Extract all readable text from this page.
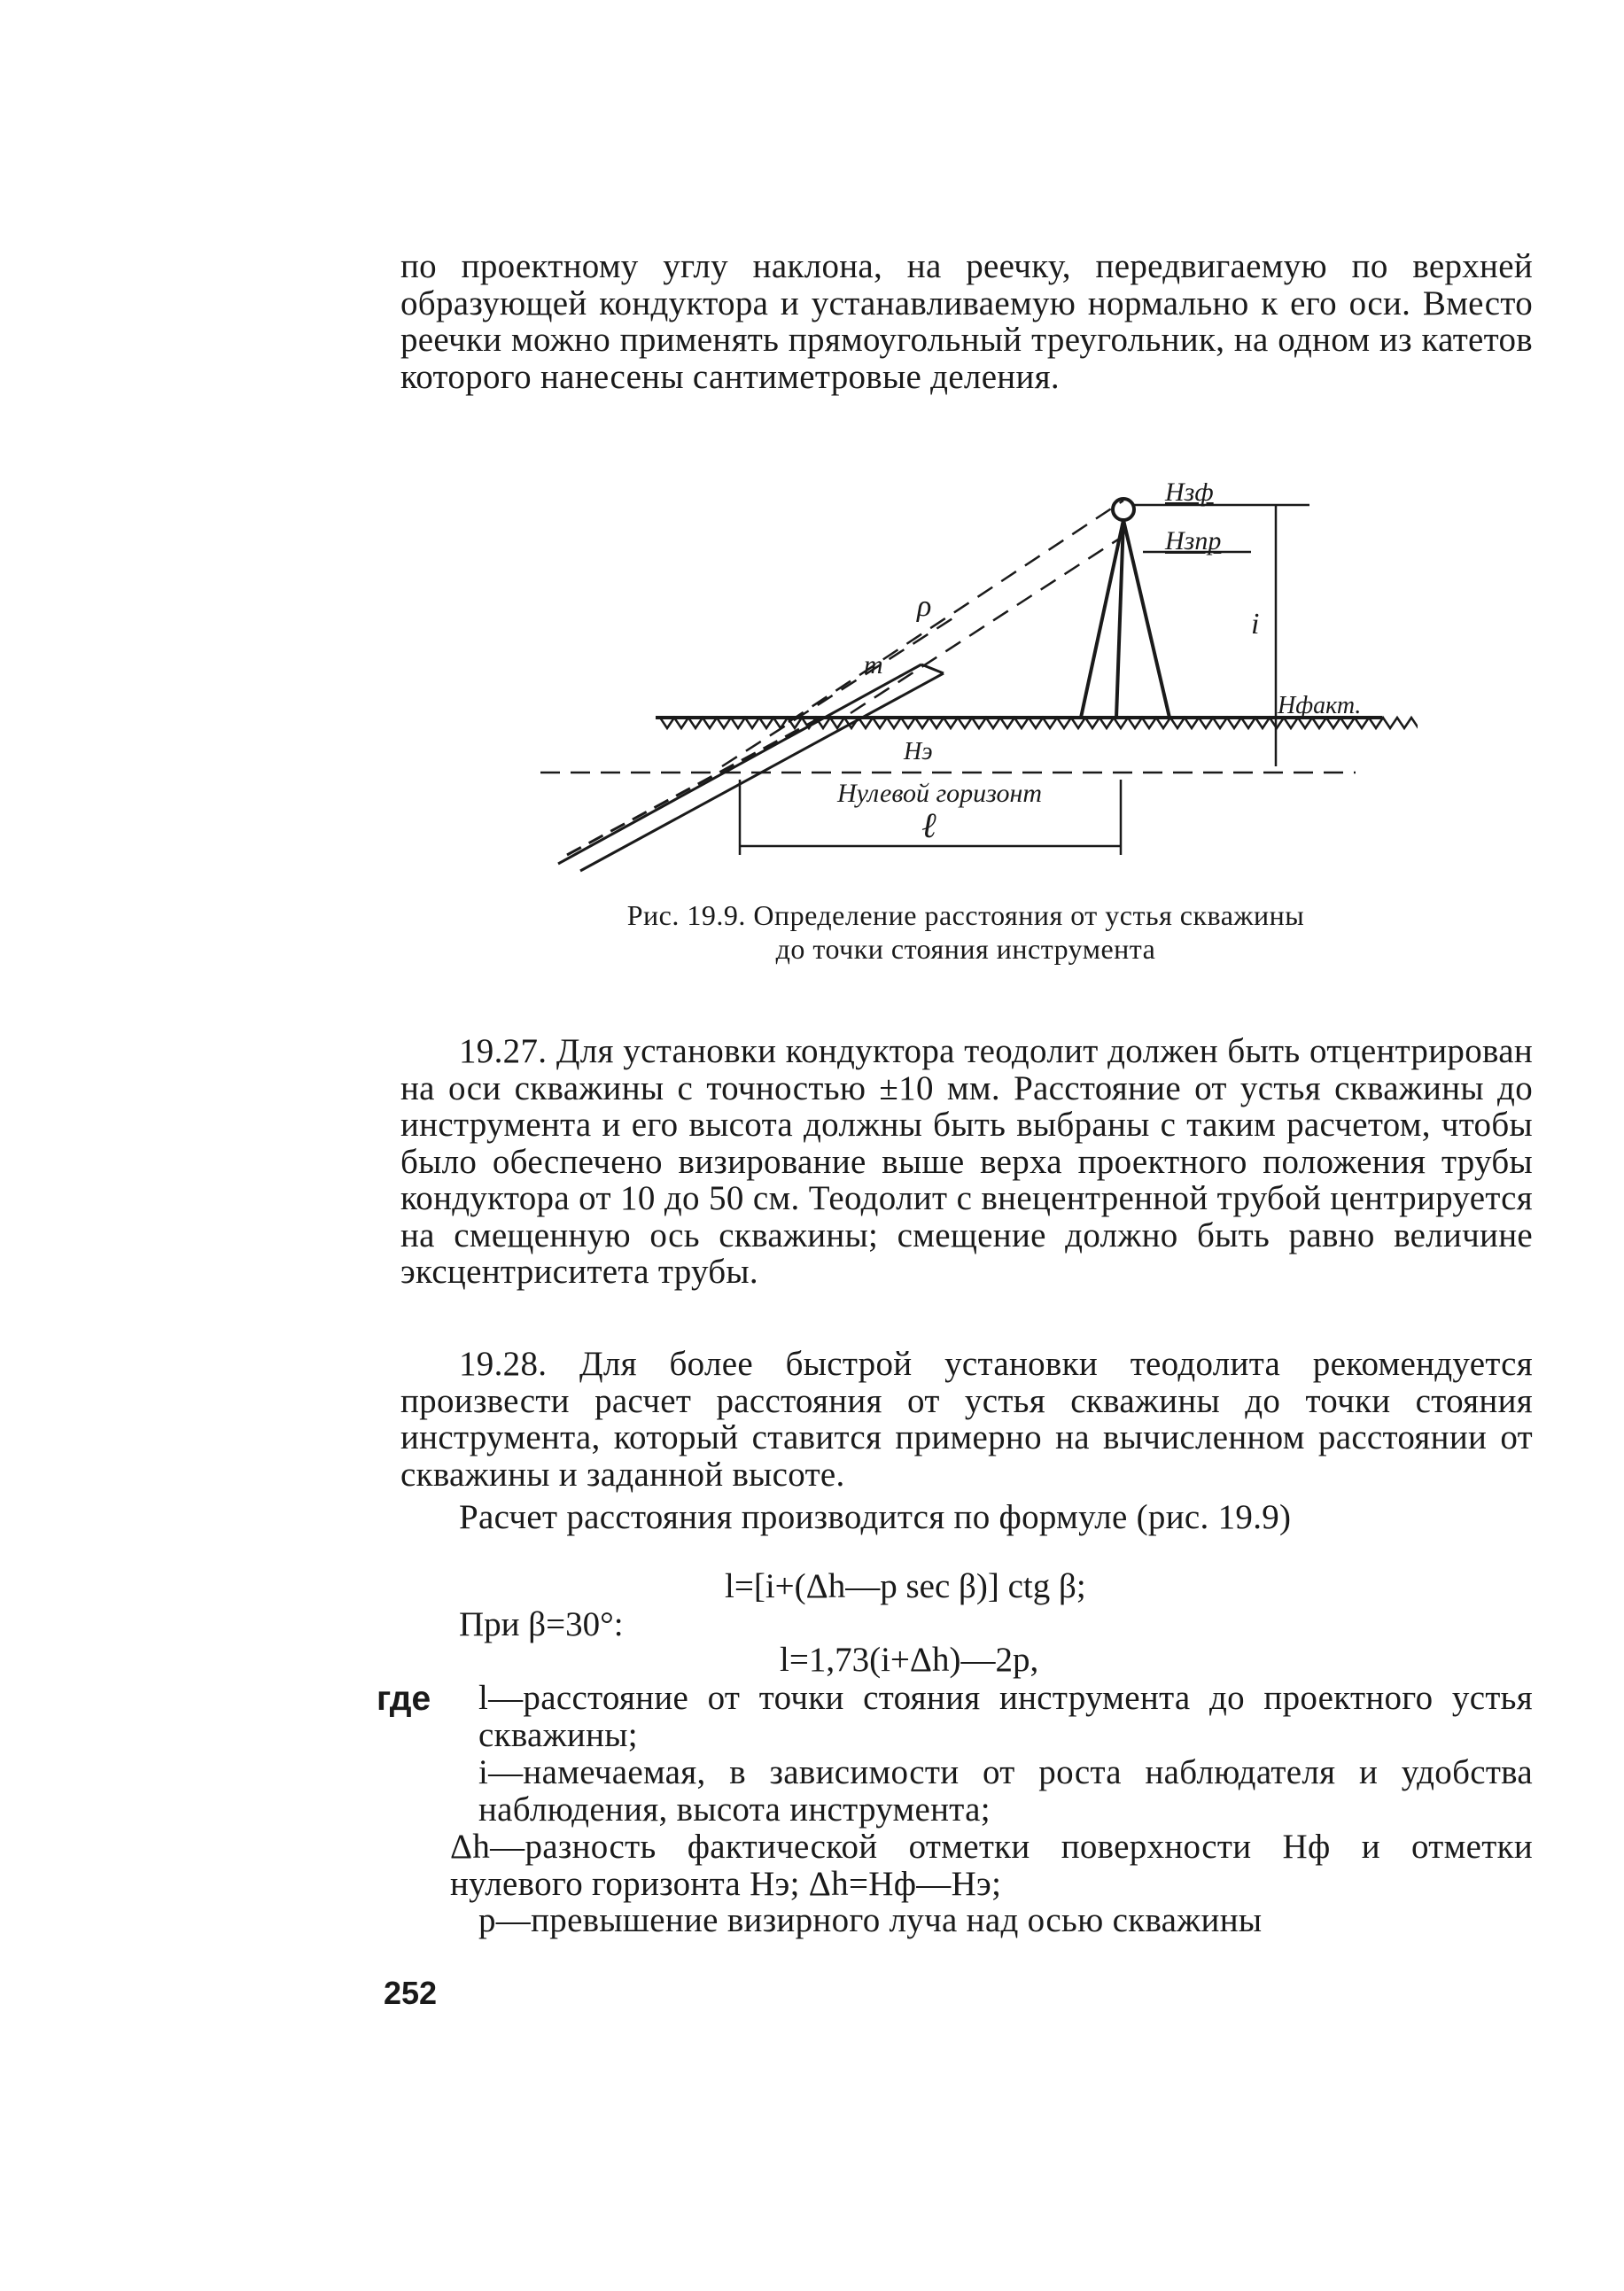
по проектному углу наклона, на реечку, передвигаемую по верхней образующей кондуктора и устанавливаемую нормально к его оси. Вместо реечки можно применять прямоугольный треугольник, на одном из катетов которого нанесены сантиметровые деления.
Hзф
Hзпр
i
Hфакт.
m
ρ
Hэ
Нулевой горизонт
ℓ
Рис. 19.9. Определение расстояния от устья скважины
до точки стояния инструмента
19.27. Для установки кондуктора теодолит должен быть отцентрирован на оси скважины с точностью ±10 мм. Расстояние от устья скважины до инструмента и его высота должны быть выбраны с таким расчетом, чтобы было обеспечено визирование выше верха проектного положения трубы кондуктора от 10 до 50 см. Теодолит с внецентренной трубой центрируется на смещенную ось скважины; смещение должно быть равно величине эксцентриситета трубы.
19.28. Для более быстрой установки теодолита рекомендуется произвести расчет расстояния от устья скважины до точки стояния инструмента, который ставится примерно на вычисленном расстоянии от скважины и заданной высоте.
Расчет расстояния производится по формуле (рис. 19.9)
l=[i+(Δh—p sec β)] ctg β;
При β=30°:
l=1,73(i+Δh)—2p,
где l—расстояние от точки стояния инструмента до проектного устья скважины;
i—намечаемая, в зависимости от роста наблюдателя и удобства наблюдения, высота инструмента;
Δh—разность фактической отметки поверхности Hф и отметки нулевого горизонта Hэ; Δh=Hф—Hэ;
p—превышение визирного луча над осью скважины
252
